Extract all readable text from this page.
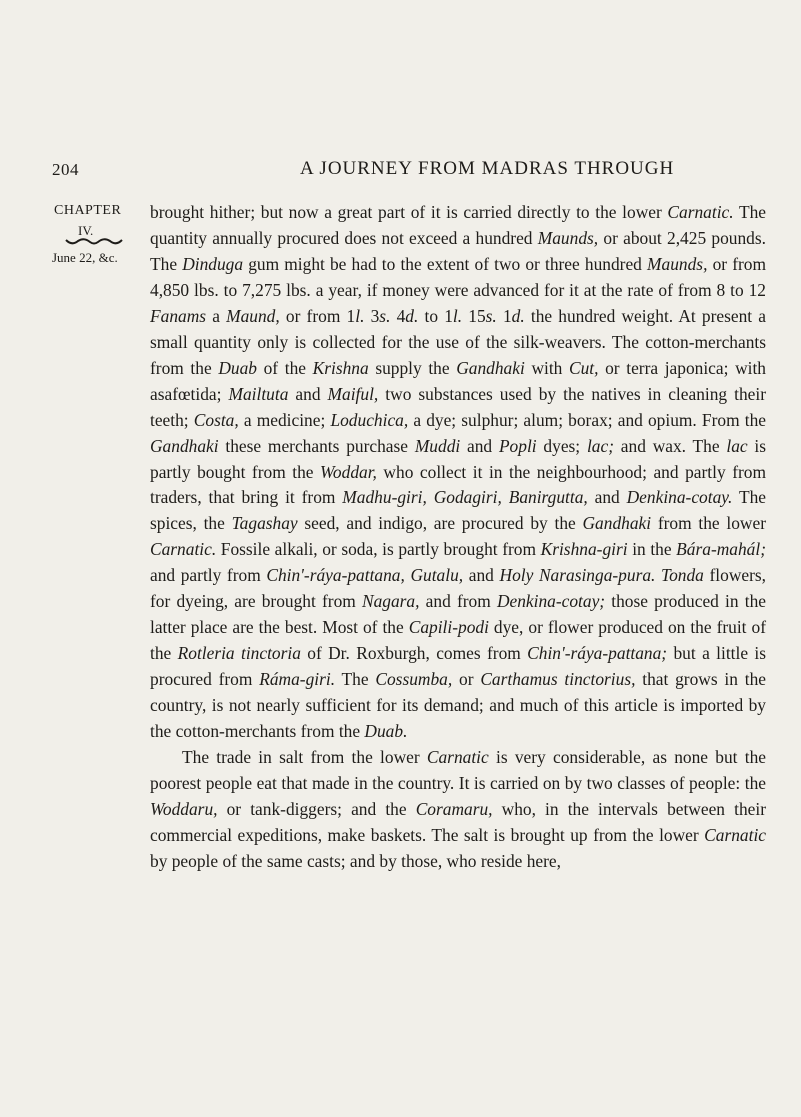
204	A JOURNEY FROM MADRAS THROUGH
CHAPTER
IV.
June 22, &c.

brought hither; but now a great part of it is carried directly to the lower Carnatic. The quantity annually procured does not exceed a hundred Maunds, or about 2,425 pounds. The Dinduga gum might be had to the extent of two or three hundred Maunds, or from 4,850 lbs. to 7,275 lbs. a year, if money were advanced for it at the rate of from 8 to 12 Fanams a Maund, or from 1l. 3s. 4d. to 1l. 15s. 1d. the hundred weight. At present a small quantity only is collected for the use of the silk-weavers. The cotton-merchants from the Duab of the Krishna supply the Gandhaki with Cut, or terra japonica; with asafœtida; Mailtuta and Maiful, two substances used by the natives in cleaning their teeth; Costa, a medicine; Loduchica, a dye; sulphur; alum; borax; and opium. From the Gandhaki these merchants purchase Muddi and Popli dyes; lac; and wax. The lac is partly bought from the Woddar, who collect it in the neighbourhood; and partly from traders, that bring it from Madhu-giri, Godagiri, Banirgutta, and Denkina-cotay. The spices, the Tagashay seed, and indigo, are procured by the Gandhaki from the lower Carnatic. Fossile alkali, or soda, is partly brought from Krishna-giri in the Bára-mahál; and partly from Chin'-ráya-pattana, Gutalu, and Holy Narasinga-pura. Tonda flowers, for dyeing, are brought from Nagara, and from Denkina-cotay; those produced in the latter place are the best. Most of the Capili-podi dye, or flower produced on the fruit of the Rotleria tinctoria of Dr. Roxburgh, comes from Chin'-ráya-pattana; but a little is procured from Ráma-giri. The Cossumba, or Carthamus tinctorius, that grows in the country, is not nearly sufficient for its demand; and much of this article is imported by the cotton-merchants from the Duab.

The trade in salt from the lower Carnatic is very considerable, as none but the poorest people eat that made in the country. It is carried on by two classes of people: the Woddaru, or tank-diggers; and the Coramaru, who, in the intervals between their commercial expeditions, make baskets. The salt is brought up from the lower Carnatic by people of the same casts; and by those, who reside here,
